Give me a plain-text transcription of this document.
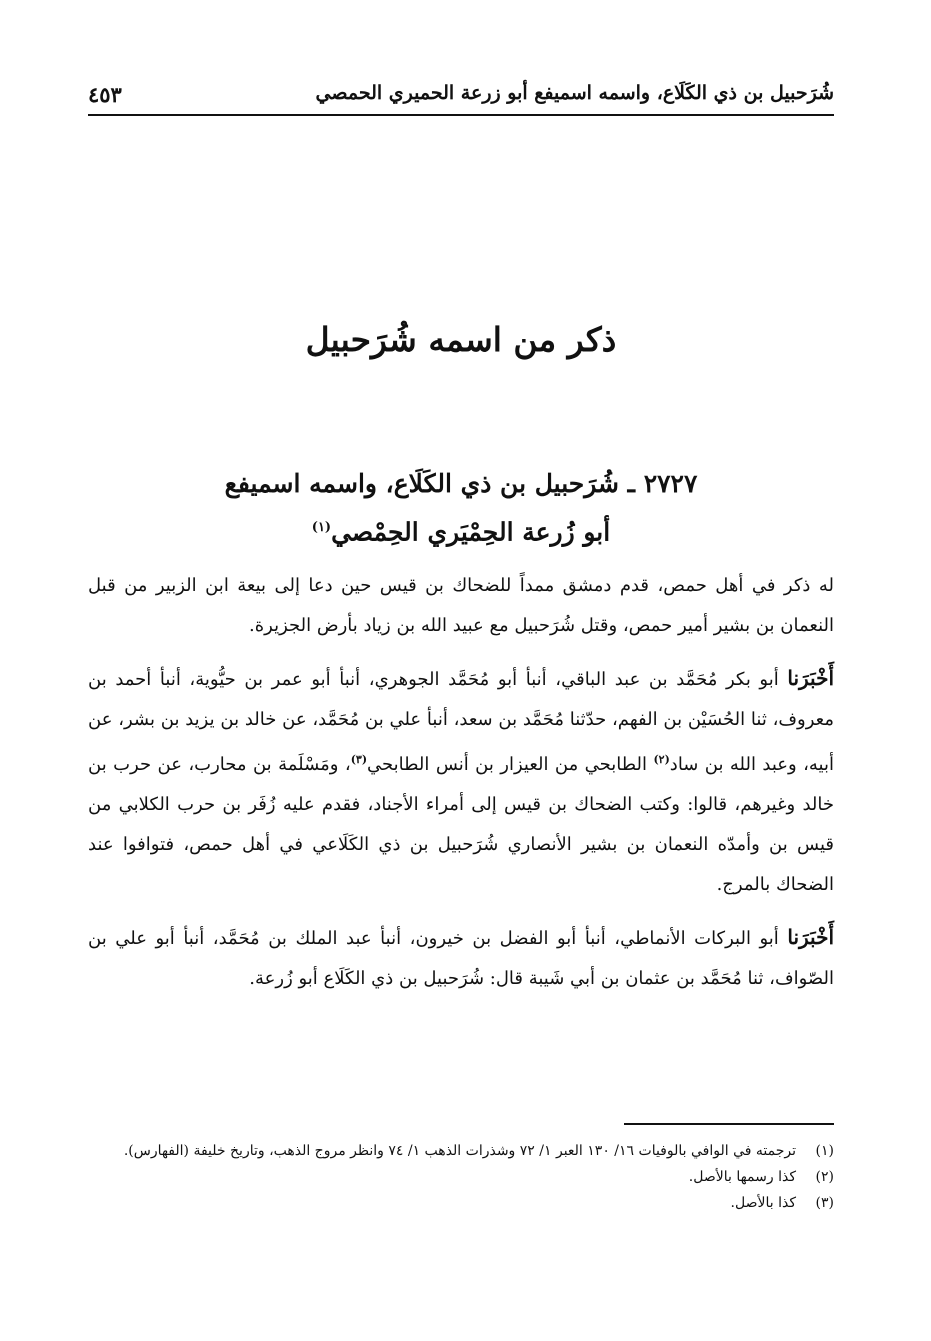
شُرَحبيل بن ذي الكَلَاع، واسمه اسميفع أبو زرعة الحميري الحمصي
٤٥٣
ذكر من اسمه شُرَحبيل
٢٧٢٧ ـ شُرَحبيل بن ذي الكَلَاع، واسمه اسميفع
أبو زُرعة الحِمْيَري الحِمْصي$^{(١)}$

له ذكر في أهل حمص، قدم دمشق ممداً للضحاك بن قيس حين دعا إلى بيعة ابن الزبير من قبل النعمان بن بشير أمير حمص، وقتل شُرَحبيل مع عبيد الله بن زياد بأرض الجزيرة.

أَخْبَرَنا أبو بكر مُحَمَّد بن عبد الباقي، أنبأ أبو مُحَمَّد الجوهري، أنبأ أبو عمر بن حيُّوية، أنبأ أحمد بن معروف، ثنا الحُسَيْن بن الفهم، حدّثنا مُحَمَّد بن سعد، أنبأ علي بن مُحَمَّد، عن خالد بن يزيد بن بشر، عن أبيه، وعبد الله بن ساد$^{(٢)}$ الطابحي من العيزار بن أنس الطابحي$^{(٣)}$، ومَسْلَمة بن محارب، عن حرب بن خالد وغيرهم، قالوا: وكتب الضحاك بن قيس إلى أمراء الأجناد، فقدم عليه زُفَر بن حرب الكلابي من قيس بن وأمدّه النعمان بن بشير الأنصاري شُرَحبيل بن ذي الكَلَاعي في أهل حمص، فتوافوا عند الضحاك بالمرج.

أَخْبَرَنا أبو البركات الأنماطي، أنبأ أبو الفضل بن خيرون، أنبأ عبد الملك بن مُحَمَّد، أنبأ أبو علي بن الصّواف، ثنا مُحَمَّد بن عثمان بن أبي شَيبة قال: شُرَحبيل بن ذي الكَلَاع أبو زُرعة.

(١)
ترجمته في الوافي بالوفيات ١٦/ ١٣٠ العبر ١/ ٧٢ وشذرات الذهب ١/ ٧٤ وانظر مروج الذهب، وتاريخ خليفة (الفهارس).
(٢)
كذا رسمها بالأصل.
(٣)
كذا بالأصل.
